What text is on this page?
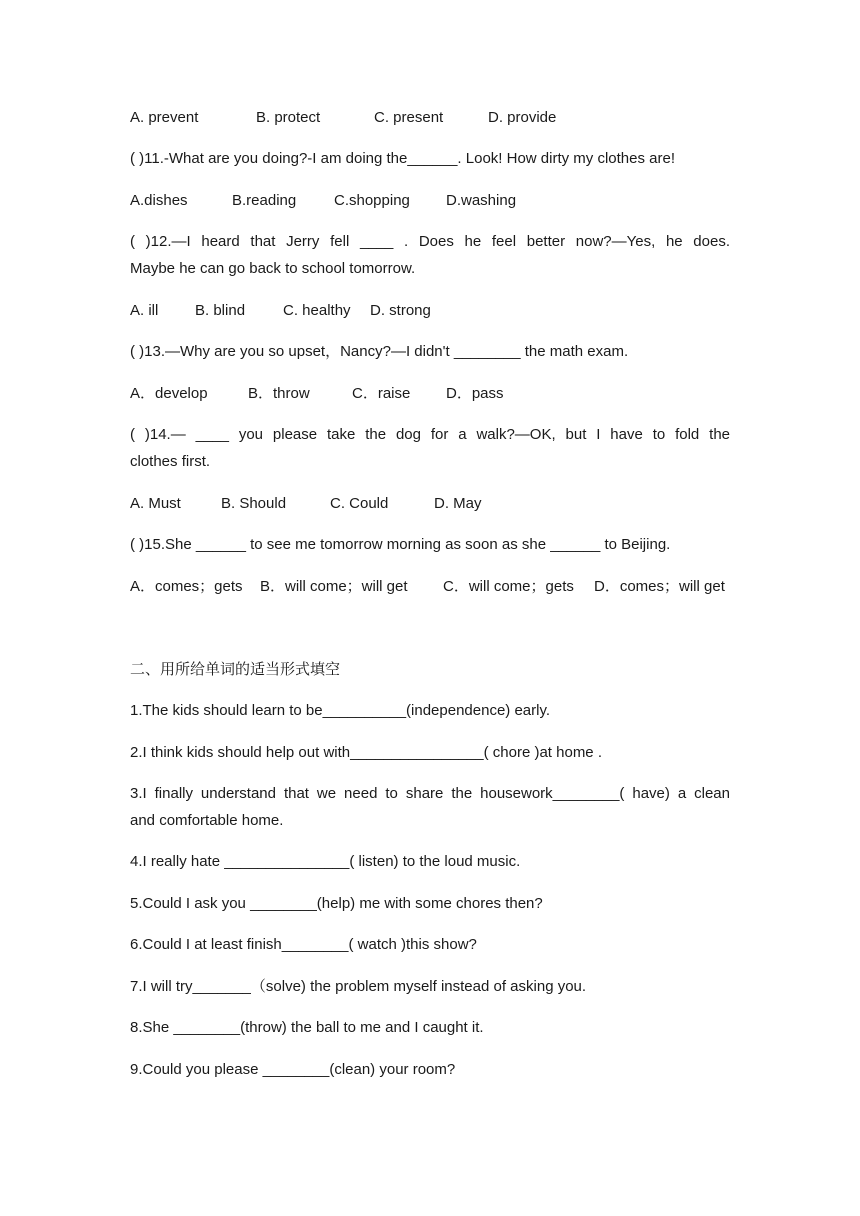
A. prevent	B. protect	C. present	D. provide
( )11.-What are you doing?-I am doing the______. Look! How dirty my clothes are!
A.dishes	B.reading	C.shopping D.washing
( )12.—I heard that Jerry fell ____ . Does he feel better now?—Yes, he does.
Maybe he can go back to school tomorrow.
A. ill B. blind	C. healthy D. strong
( )13.—Why are you so upset，Nancy?—I didn't ________ the math exam.
A．develop	B．throw	C．raise D．pass
( )14.— ____ you please take the dog for a walk?—OK, but I have to fold the
clothes first.
A. Must	B. Should	C. Could	D. May
( )15.She ______ to see me tomorrow morning as soon as she ______ to Beijing.
A．comes；gets B．will come；will get C．will come；gets D．comes；will get
二、用所给单词的适当形式填空
1.The kids should learn to be__________(independence) early.
2.I think kids should help out with________________( chore )at home .
3.I finally understand that we need to share the housework________( have) a clean
and comfortable home.
4.I really hate _______________( listen) to the loud music.
5.Could I ask you ________(help) me with some chores then?
6.Could I at least finish________( watch )this show?
7.I will try_______（solve) the problem myself instead of asking you.
8.She ________(throw) the ball to me and I caught it.
9.Could you please ________(clean) your room?
